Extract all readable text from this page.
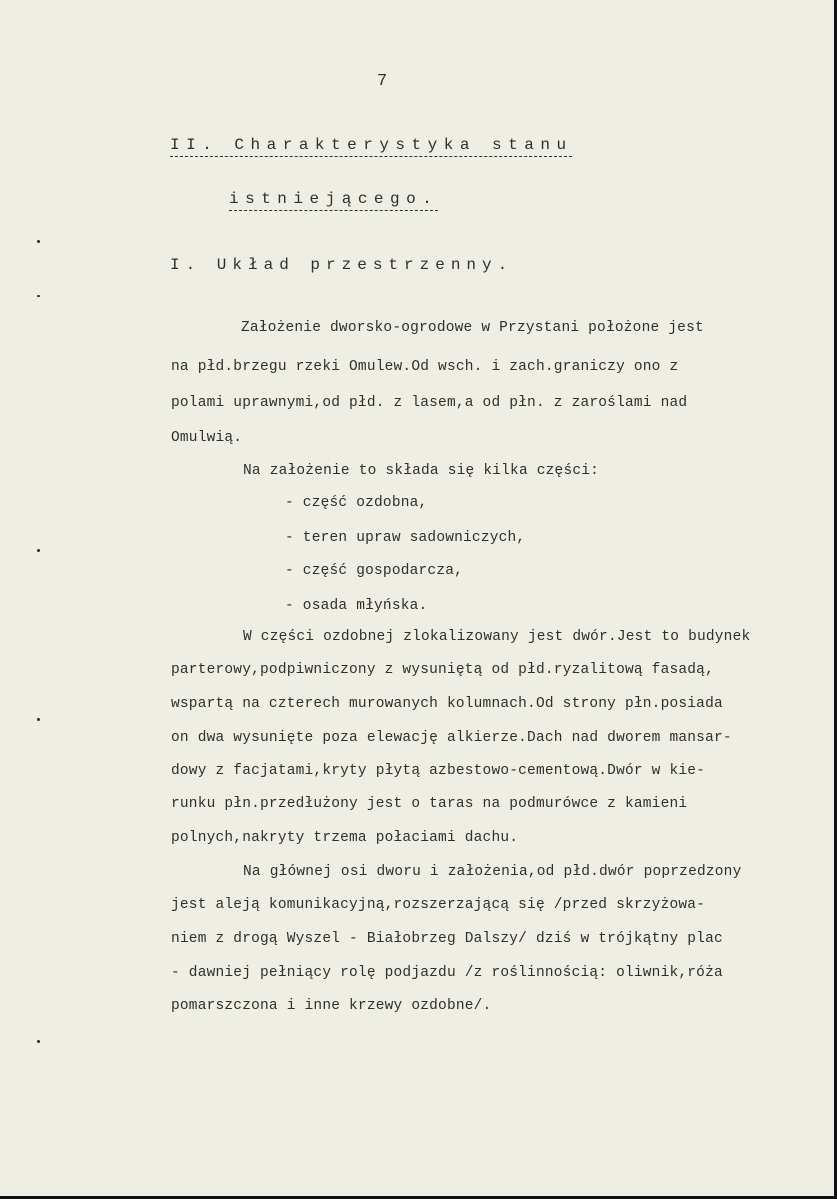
7
II. Charakterystyka stanu
istniejącego.
I. Układ przestrzenny.
Założenie dworsko-ogrodowe w Przystani położone jest
na płd.brzegu rzeki Omulew.Od wsch. i zach.graniczy ono z
polami uprawnymi,od płd. z lasem,a od płn. z zaroślami nad
Omulwią.
Na założenie to składa się kilka części:
- część ozdobna,
- teren upraw sadowniczych,
- część gospodarcza,
- osada młyńska.
W części ozdobnej zlokalizowany jest dwór.Jest to budynek
parterowy,podpiwniczony z wysuniętą od płd.ryzalitową fasadą,
wspartą na czterech murowanych kolumnach.Od strony płn.posiada
on dwa wysunięte poza elewację alkierze.Dach nad dworem mansar-
dowy z facjatami,kryty płytą azbestowo-cementową.Dwór w kie-
runku płn.przedłużony jest o taras na podmurówce z kamieni
polnych,nakryty trzema połaciami dachu.
Na głównej osi dworu i założenia,od płd.dwór poprzedzony
jest aleją komunikacyjną,rozszerzającą się /przed skrzyżowa-
niem z drogą Wyszel - Białobrzeg Dalszy/ dziś w trójkątny plac
- dawniej pełniący rolę podjazdu /z roślinnością: oliwnik,róża
pomarszczona i inne krzewy ozdobne/.
